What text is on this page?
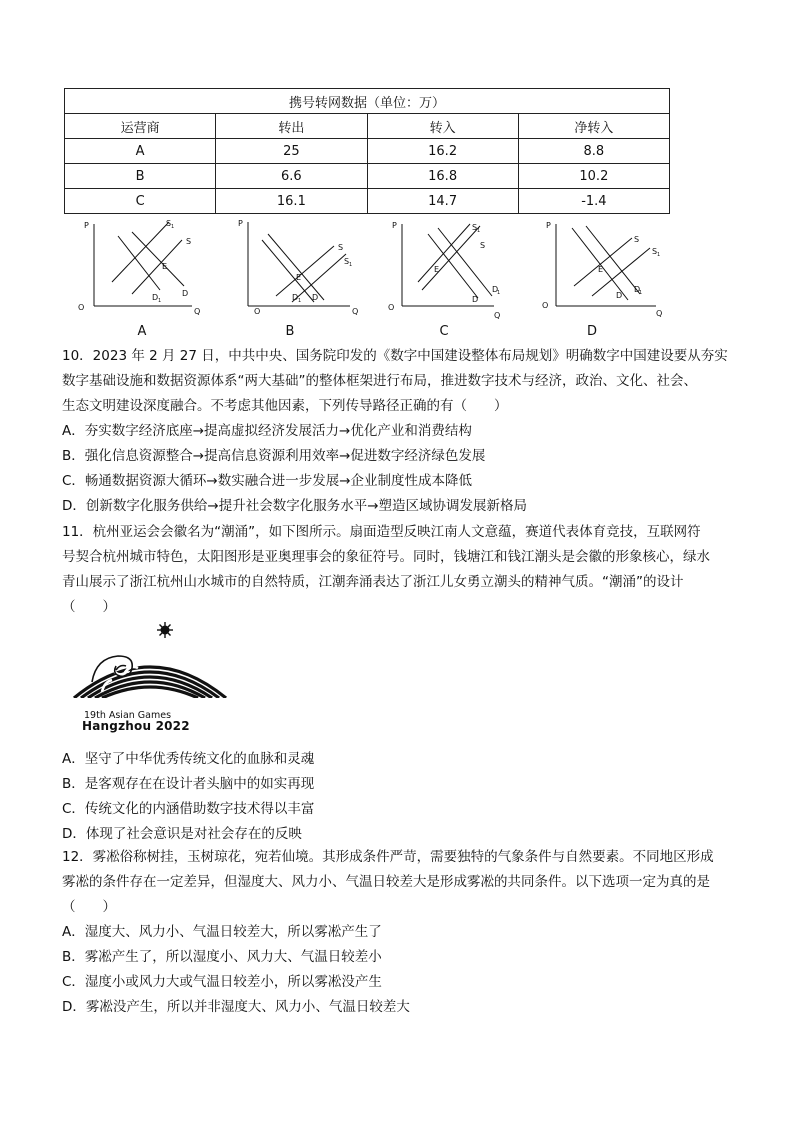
携号转网数据（单位：万）			
运营商	转出	转入	净转入
A	25	16.2	8.8
B	6.6	16.8	10.2
C	16.1	14.7	-1.4
P
Q
O
S 1
S
E
D 1
D
A
P
Q
O
S
S 1
E
D 1 D
B
P
Q
O
S 1
S
E
D
D
1
C
P
Q
O
S
S 1
E
D
D
1
D

10．2023 年 2 月 27 日，中共中央、国务院印发的《数字中国建设整体布局规划》明确数字中国建设要从夯实

数字基础设施和数据资源体系“两大基础”的整体框架进行布局，推进数字技术与经济，政治、文化、社会、

生态文明建设深度融合。不考虑其他因素，下列传导路径正确的有（　　）

A．夯实数字经济底座→提高虚拟经济发展活力→优化产业和消费结构

B．强化信息资源整合→提高信息资源利用效率→促进数字经济绿色发展

C．畅通数据资源大循环→数实融合进一步发展→企业制度性成本降低

D．创新数字化服务供给→提升社会数字化服务水平→塑造区域协调发展新格局

11．杭州亚运会会徽名为“潮涌”，如下图所示。扇面造型反映江南人文意蕴，赛道代表体育竞技，互联网符

号契合杭州城市特色，太阳图形是亚奥理事会的象征符号。同时，钱塘江和钱江潮头是会徽的形象核心，绿水

青山展示了浙江杭州山水城市的自然特质，江潮奔涌表达了浙江儿女勇立潮头的精神气质。“潮涌”的设计

（　　）

19th Asian Games
Hangzhou 2022

A．坚守了中华优秀传统文化的血脉和灵魂

B．是客观存在在设计者头脑中的如实再现

C．传统文化的内涵借助数字技术得以丰富

D．体现了社会意识是对社会存在的反映

12．雾凇俗称树挂，玉树琼花，宛若仙境。其形成条件严苛，需要独特的气象条件与自然要素。不同地区形成

雾凇的条件存在一定差异，但湿度大、风力小、气温日较差大是形成雾凇的共同条件。以下选项一定为真的是

（　　）

A．湿度大、风力小、气温日较差大，所以雾凇产生了

B．雾凇产生了，所以湿度小、风力大、气温日较差小

C．湿度小或风力大或气温日较差小，所以雾凇没产生

D．雾凇没产生，所以并非湿度大、风力小、气温日较差大
